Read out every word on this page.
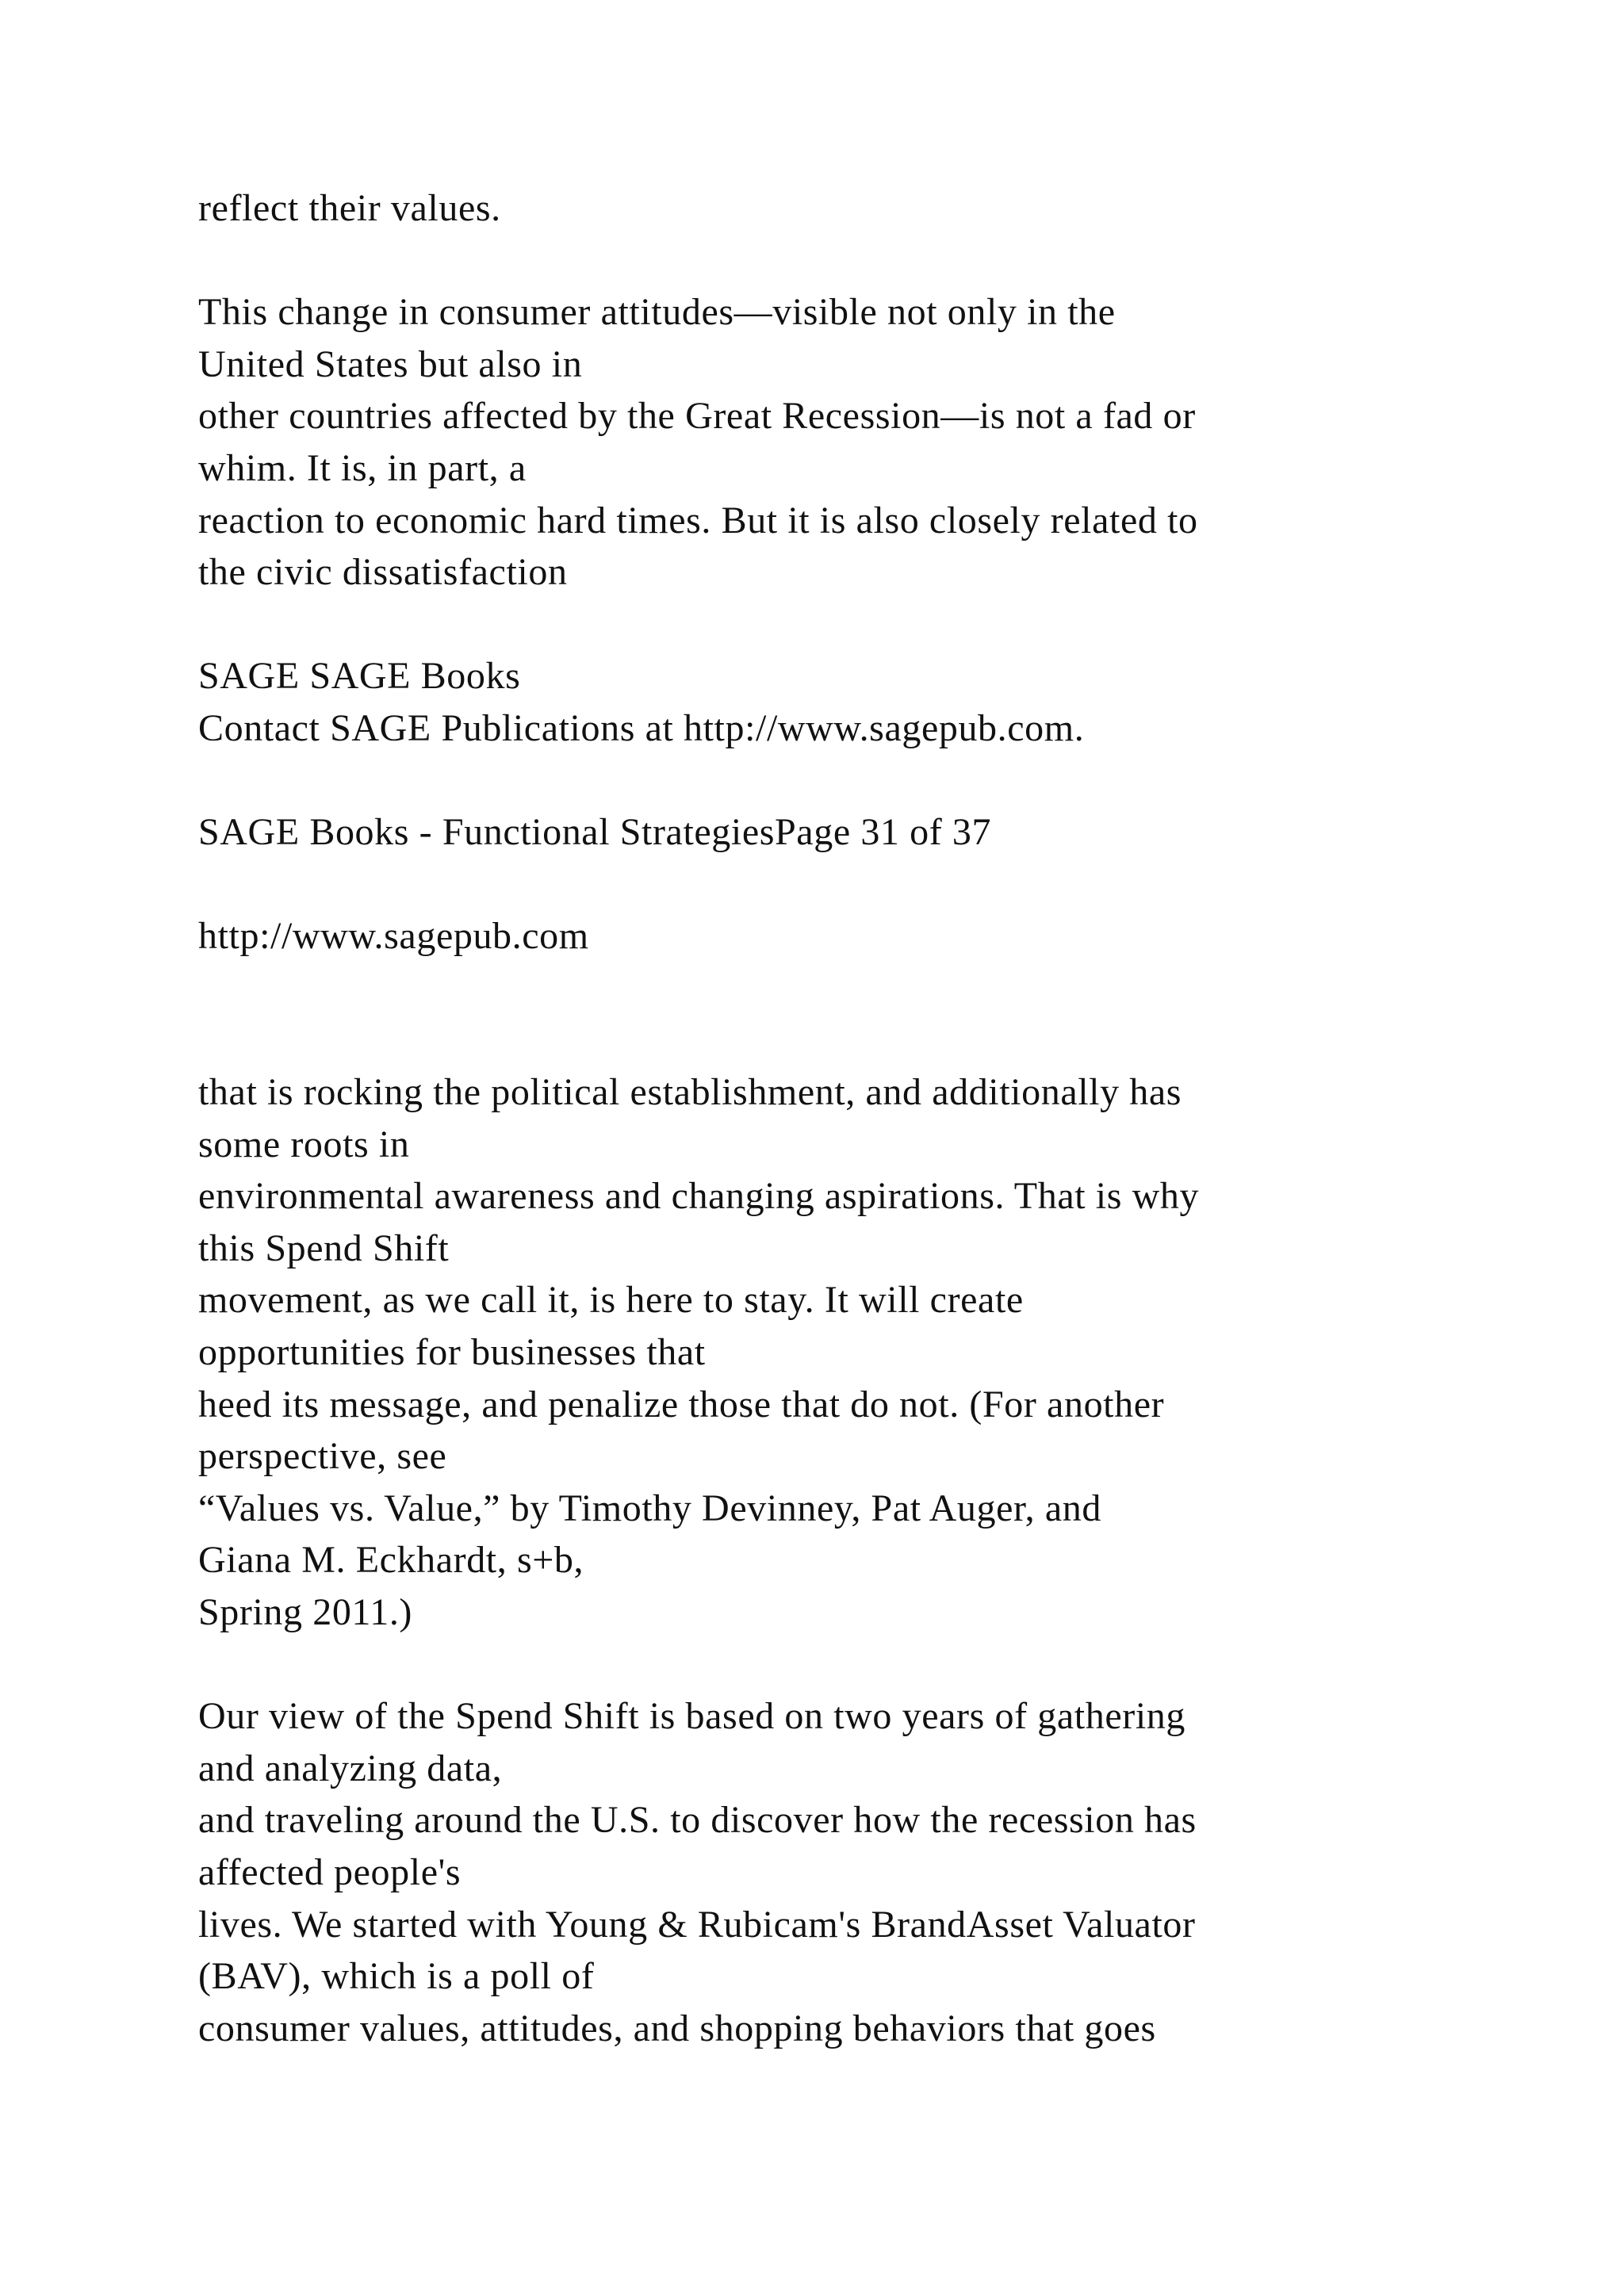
reflect their values.

This change in consumer attitudes—visible not only in the
United States but also in
other countries affected by the Great Recession—is not a fad or
whim. It is, in part, a
reaction to economic hard times. But it is also closely related to
the civic dissatisfaction

SAGE SAGE Books
Contact SAGE Publications at http://www.sagepub.com.

SAGE Books - Functional StrategiesPage 31 of 37

http://www.sagepub.com

that is rocking the political establishment, and additionally has
some roots in
environmental awareness and changing aspirations. That is why
this Spend Shift
movement, as we call it, is here to stay. It will create
opportunities for businesses that
heed its message, and penalize those that do not. (For another
perspective, see
“Values vs. Value,” by Timothy Devinney, Pat Auger, and
Giana M. Eckhardt, s+b,
Spring 2011.)

Our view of the Spend Shift is based on two years of gathering
and analyzing data,
and traveling around the U.S. to discover how the recession has
affected people's
lives. We started with Young & Rubicam's BrandAsset Valuator
(BAV), which is a poll of
consumer values, attitudes, and shopping behaviors that goes
